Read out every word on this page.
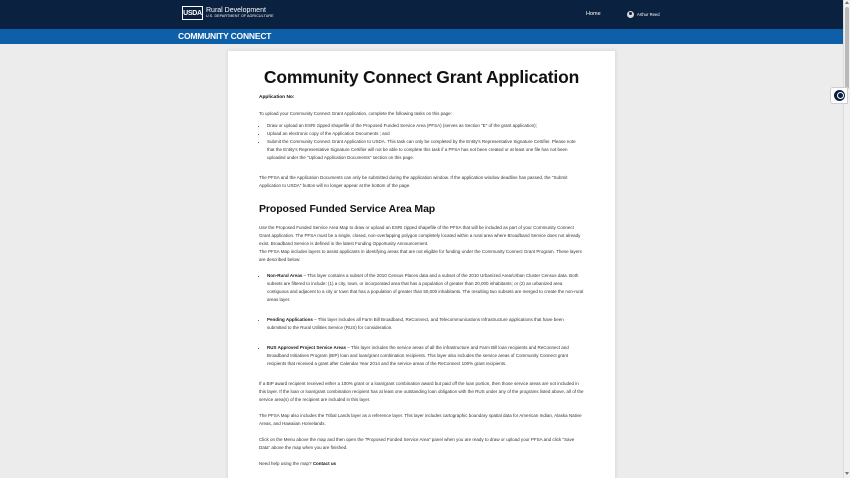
USDA Rural Development
U.S. DEPARTMENT OF AGRICULTURE	Home	Arthur Reed
COMMUNITY CONNECT
Community Connect Grant Application
Application No:

To upload your Community Connect Grant Application, complete the following tasks on this page:

• Draw or upload an ESRI zipped shapefile of the Proposed Funded Service Area (PFSA) (serves as Section "E" of the grant application);
• Upload an electronic copy of the Application Documents ; and
• Submit the Community Connect Grant Application to USDA. This task can only be completed by the Entity's Representative Signature Certifier. Please note that the Entity's Representative Signature Certifier will not be able to complete this task if a PFSA has not been created or at least one file has not been uploaded under the "Upload Application Documents" section on this page.

The PFSA and the Application Documents can only be submitted during the application window. If the application window deadline has passed, the "Submit Application to USDA" button will no longer appear at the bottom of the page.

Proposed Funded Service Area Map

Use the Proposed Funded Service Area Map to draw or upload an ESRI zipped shapefile of the PFSA that will be included as part of your Community Connect Grant application. The PFSA must be a single, closed, non-overlapping polygon completely located within a rural area where Broadband Service does not already exist. Broadband Service is defined in the latest Funding Opportunity Announcement.

The PFSA Map includes layers to assist applicants in identifying areas that are not eligible for funding under the Community Connect Grant Program. These layers are described below:

• Non-Rural Areas – This layer contains a subset of the 2010 Census Places data and a subset of the 2010 Urbanized Area/Urban Cluster Census data. Both subsets are filtered to include: (1) a city, town, or incorporated area that has a population of greater than 20,000 inhabitants; or (2) an urbanized area contiguous and adjacent to a city or town that has a population of greater than 50,000 inhabitants. The resulting two subsets are merged to create the non-rural areas layer.
• Pending Applications – This layer includes all Farm Bill Broadband, ReConnect, and Telecommunications Infrastructure applications that have been submitted to the Rural Utilities Service (RUS) for consideration.
• RUS Approved Project Service Areas – This layer includes the service areas of all the infrastructure and Farm Bill loan recipients and ReConnect and Broadband Initiatives Program (BIP) loan and loan/grant combination recipients. This layer also includes the service areas of Community Connect grant recipients that received a grant after Calendar Year 2014 and the service areas of the ReConnect 100% grant recipients.

If a BIP award recipient received either a 100% grant or a loan/grant combination award but paid off the loan portion, then those service areas are not included in this layer. If the loan or loan/grant combination recipient has at least one outstanding loan obligation with the RUS under any of the programs listed above, all of the service area(s) of the recipient are included in this layer.

The PFSA Map also includes the Tribal Lands layer as a reference layer. This layer includes cartographic boundary spatial data for American Indian, Alaska Native Areas, and Hawaiian Homelands.

Click on the Menu above the map and then open the "Proposed Funded Service Area" panel when you are ready to draw or upload your PFSA and click "Save Data" above the map when you are finished.

Need help using the map? Contact us
